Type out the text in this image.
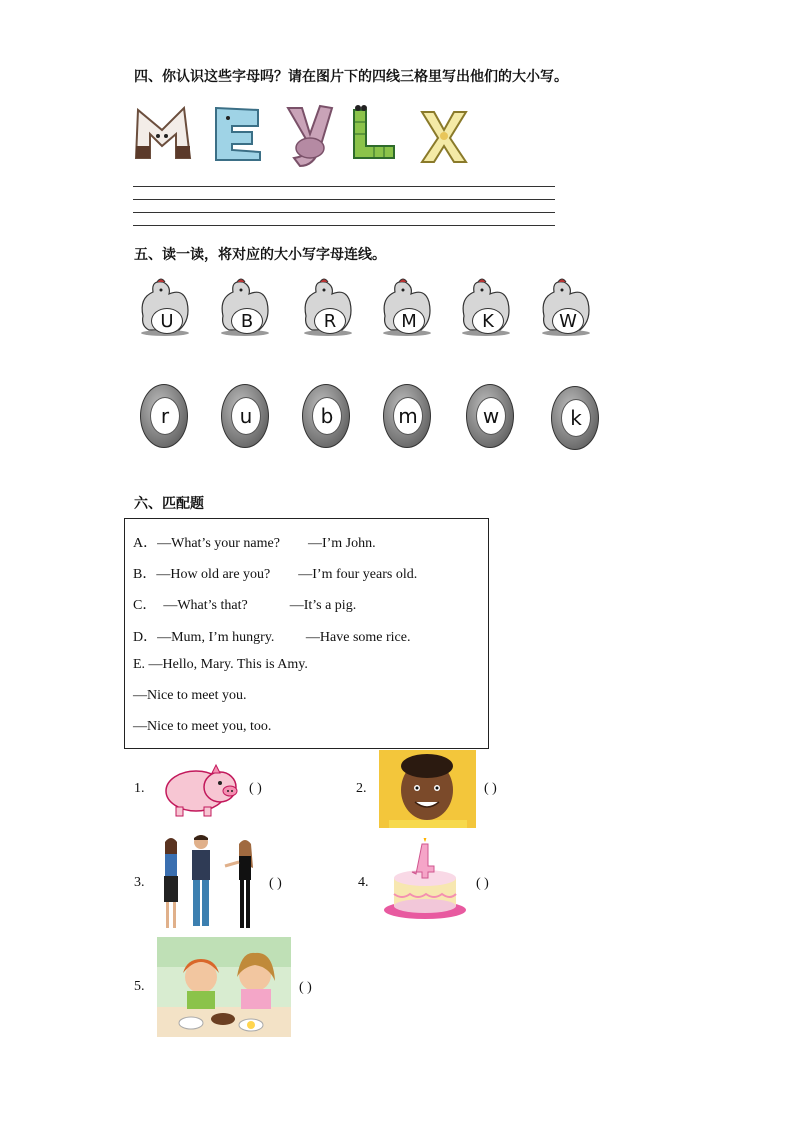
四、你认识这些字母吗？请在图片下的四线三格里写出他们的大小写。
五、读一读，将对应的大小写字母连线。
U	B	R	M	K	W
r	u	b	m	w	k
六、匹配题
A．—What’s your name?        —I’m John.
B．—How old are you?        —I’m four years old.
C．  —What’s that?            —It’s a pig.
D．—Mum, I’m hungry.         —Have some rice.
E. —Hello, Mary. This is Amy.
—Nice to meet you.
—Nice to meet you, too.
1.	( )	2.	( )
3.	( )	4.	( )
5.	( )
